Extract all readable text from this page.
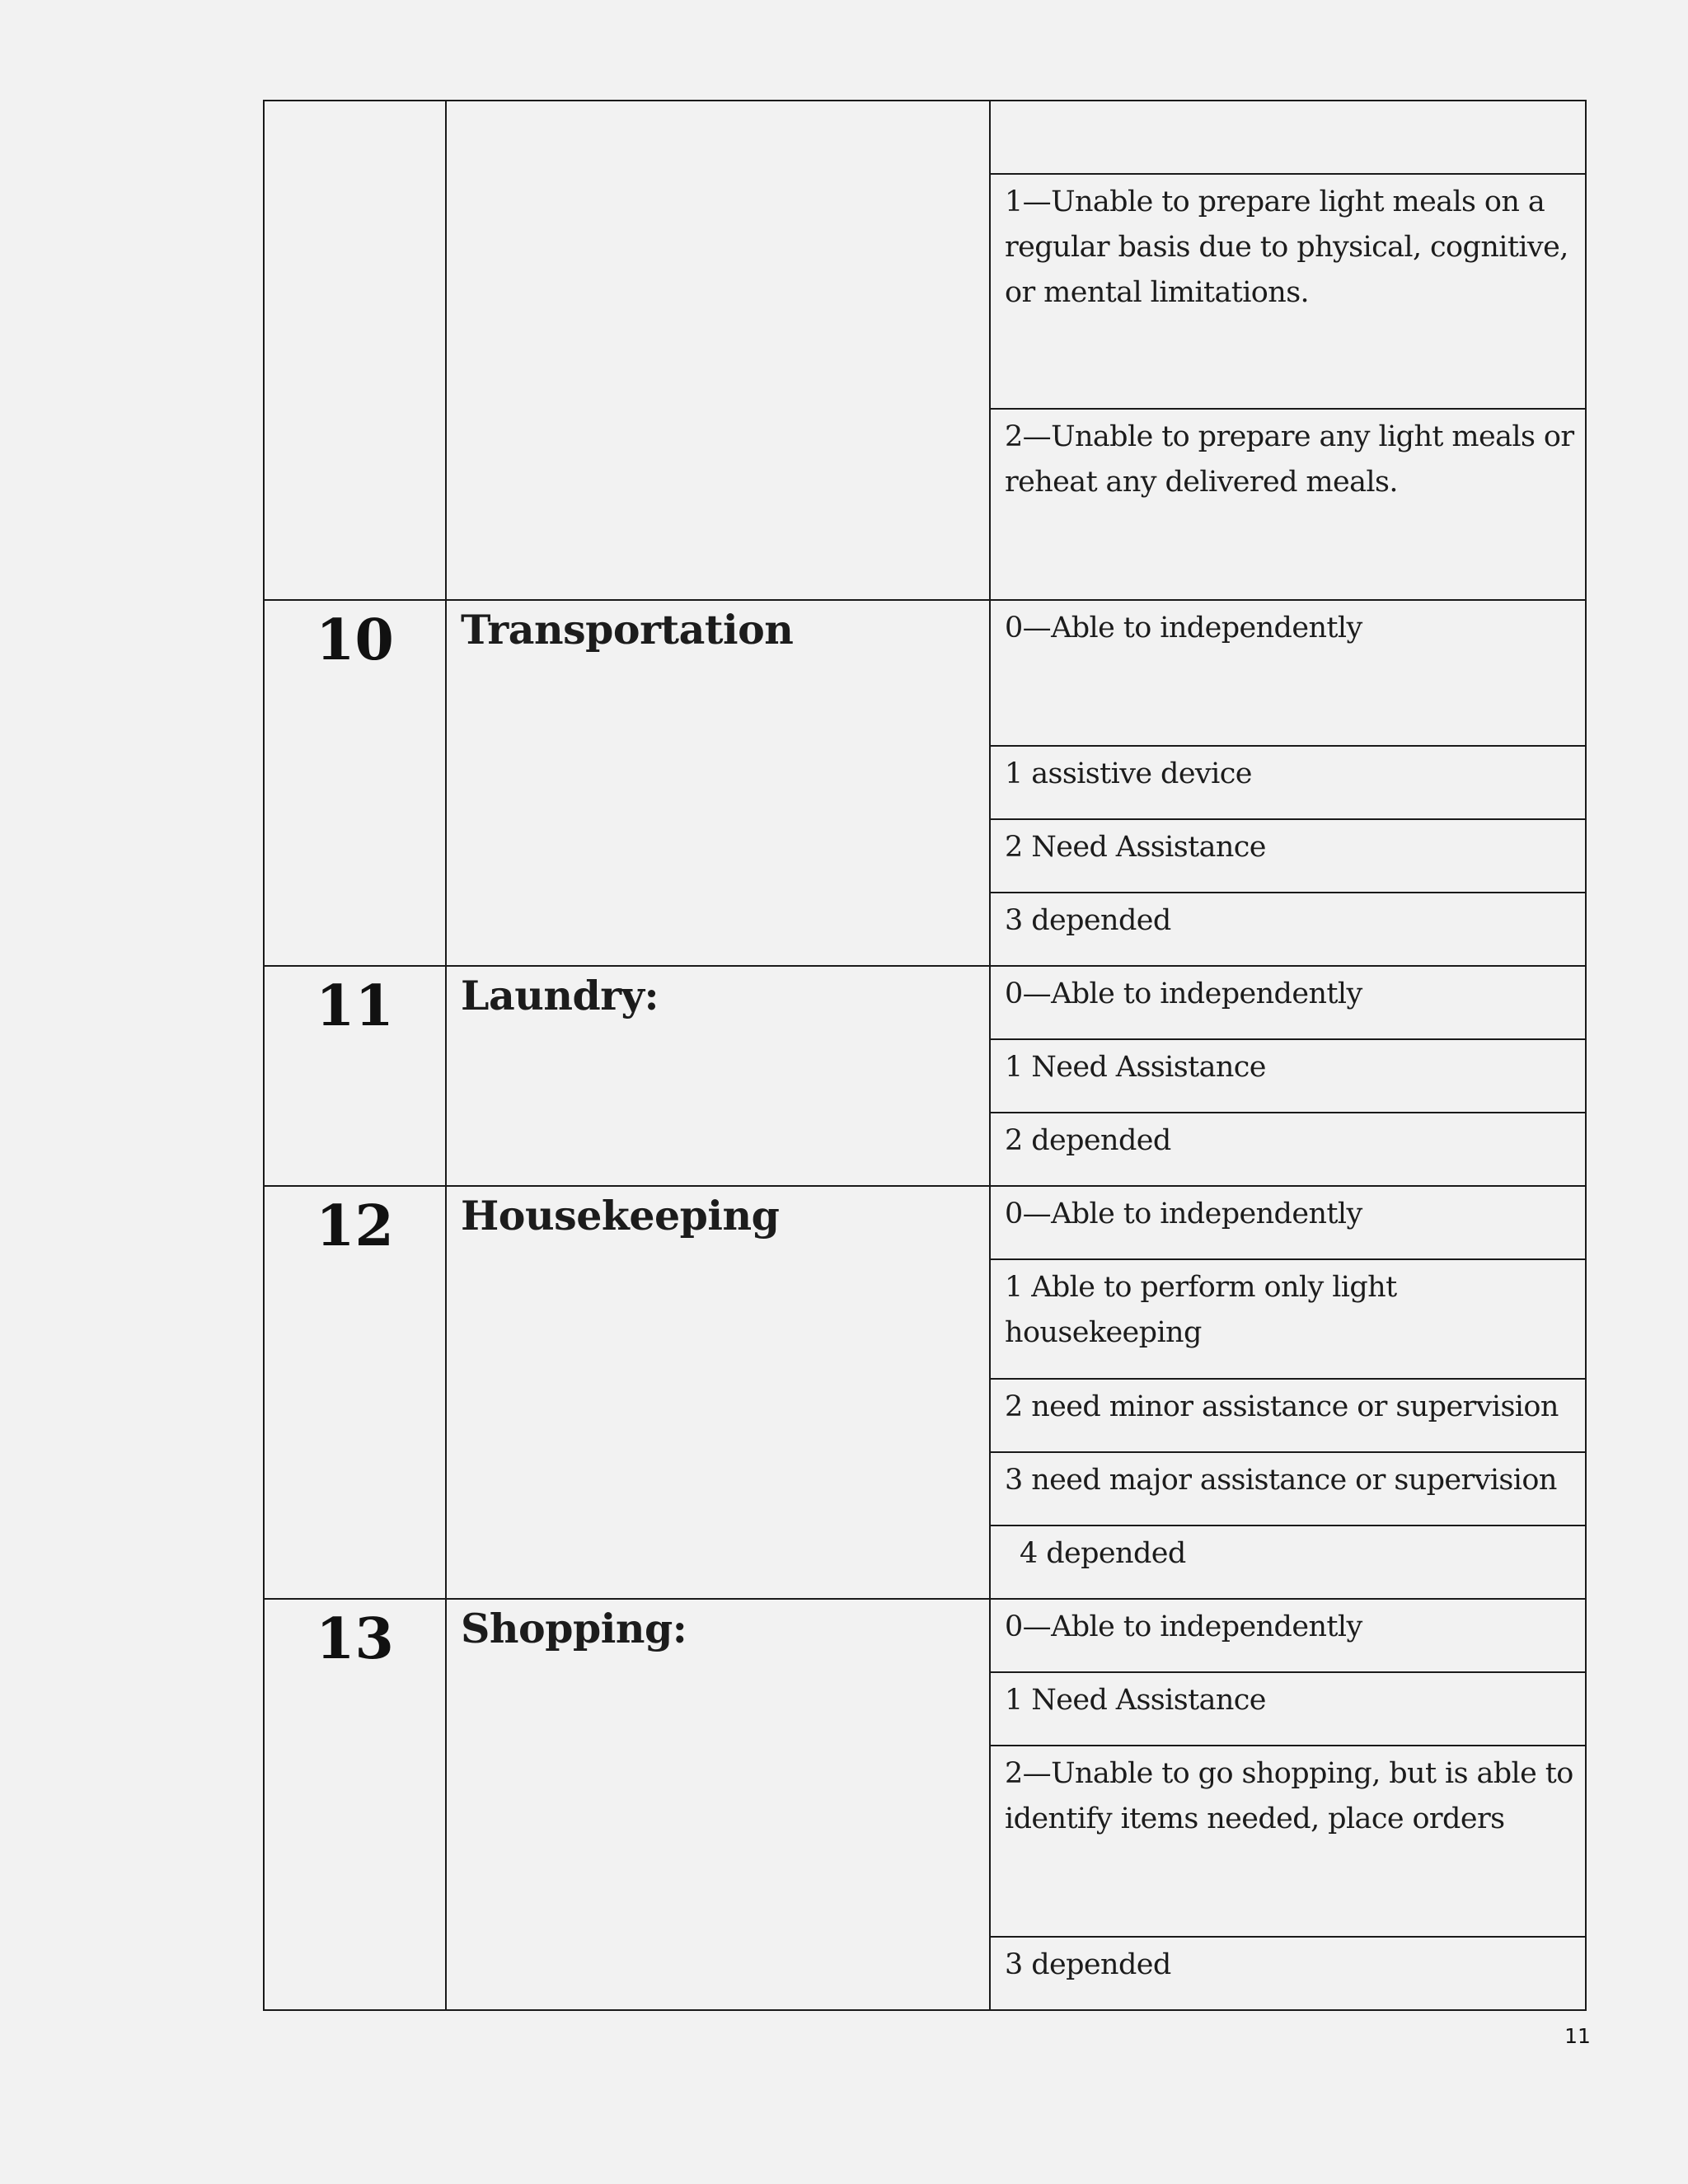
		1—Unable to prepare light meals on a regular basis due to physical, cognitive, or mental limitations.
		2—Unable to prepare any light meals or reheat any delivered meals.
10	Transportation	0—Able to independently
		1 assistive device
		2 Need Assistance
		3 depended
11	Laundry:	0—Able to independently
		1 Need Assistance
		2 depended
12	Housekeeping	0—Able to independently
		1 Able to perform only light housekeeping
		2 need minor assistance or supervision
		3 need major assistance or supervision
		4 depended
13	Shopping:	0—Able to independently
		1 Need Assistance
		2—Unable to go shopping, but is able to identify items needed, place orders
		3 depended
11
